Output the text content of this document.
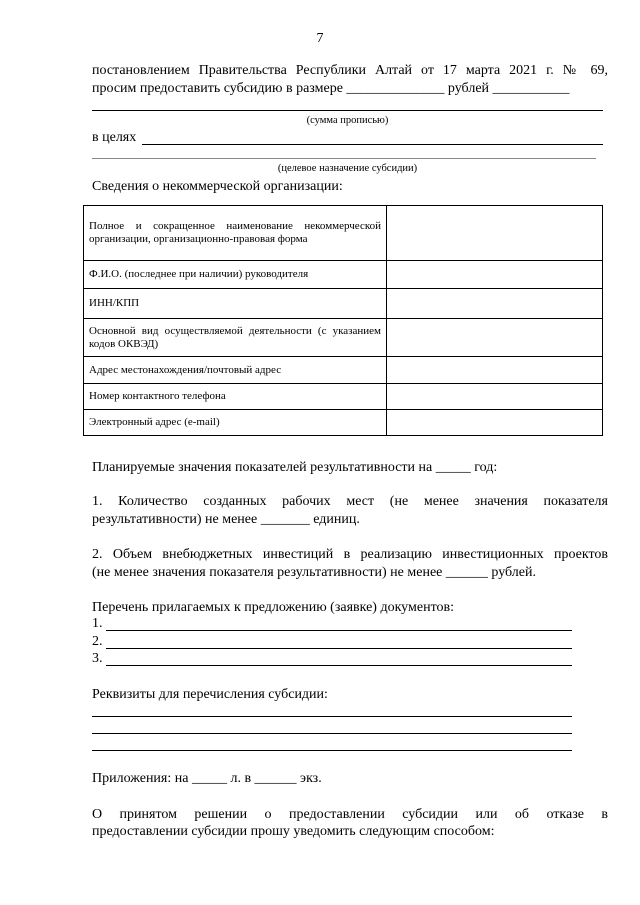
7
постановлением Правительства Республики Алтай от 17 марта 2021 г. № 69,
просим предоставить субсидию в размере ______________ рублей ___________
(сумма прописью)
в целях
(целевое назначение субсидии)
Сведения о некоммерческой организации:
Полное и сокращенное наименование некоммерческой организации, организационно-правовая форма	
Ф.И.О. (последнее при наличии) руководителя	
ИНН/КПП	
Основной вид осуществляемой деятельности (с указанием кодов ОКВЭД)	
Адрес местонахождения/почтовый адрес	
Номер контактного телефона	
Электронный адрес (e-mail)	
Планируемые значения показателей результативности на _____ год:
1. Количество созданных рабочих мест (не менее значения показателя
результативности) не менее _______ единиц.
2. Объем внебюджетных инвестиций в реализацию инвестиционных проектов
(не менее значения показателя результативности) не менее ______ рублей.
Перечень прилагаемых к предложению (заявке) документов:
1.
2.
3.
Реквизиты для перечисления субсидии:
Приложения: на _____ л. в ______ экз.
О принятом решении о предоставлении субсидии или об отказе в
предоставлении субсидии прошу уведомить следующим способом:
